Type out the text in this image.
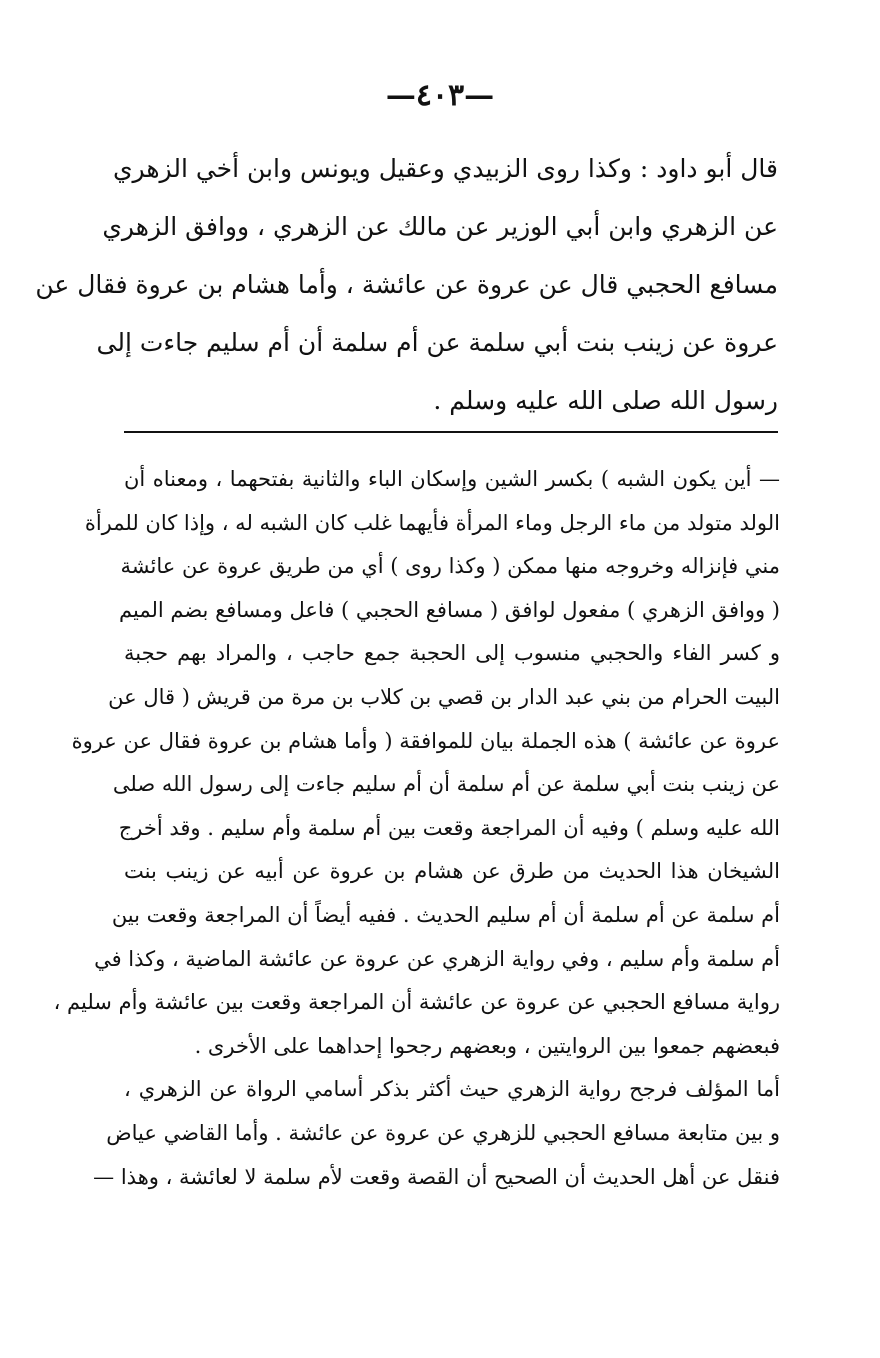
—٤٠٣—
قال أبو داود : وكذا روى الزبيدي وعقيل ويونس وابن أخي الزهري
عن الزهري وابن أبي الوزير عن مالك عن الزهري ، ووافق الزهري
مسافع الحجبي قال عن عروة عن عائشة ، وأما هشام بن عروة فقال عن
عروة عن زينب بنت أبي سلمة عن أم سلمة أن أم سليم جاءت إلى
رسول الله صلى الله عليه وسلم .
— أين يكون الشبه ) بكسر الشين وإسكان الباء والثانية بفتحهما ، ومعناه أن
الولد متولد من ماء الرجل وماء المرأة فأيهما غلب كان الشبه له ، وإذا كان للمرأة
مني فإنزاله وخروجه منها ممكن ( وكذا روى ) أي من طريق عروة عن عائشة
( ووافق الزهري ) مفعول لوافق ( مسافع الحجبي ) فاعل ومسافع بضم الميم
و كسر الفاء والحجبي منسوب إلى الحجبة جمع حاجب ، والمراد بهم حجبة
البيت الحرام من بني عبد الدار بن قصي بن كلاب بن مرة من قريش ( قال عن
عروة عن عائشة ) هذه الجملة بيان للموافقة ( وأما هشام بن عروة فقال عن عروة
عن زينب بنت أبي سلمة عن أم سلمة أن أم سليم جاءت إلى رسول الله صلى
الله عليه وسلم ) وفيه أن المراجعة وقعت بين أم سلمة وأم سليم . وقد أخرج
الشيخان هذا الحديث من طرق عن هشام بن عروة عن أبيه عن زينب بنت
أم سلمة عن أم سلمة أن أم سليم الحديث . ففيه أيضاً أن المراجعة وقعت بين
أم سلمة وأم سليم ، وفي رواية الزهري عن عروة عن عائشة الماضية ، وكذا في
رواية مسافع الحجبي عن عروة عن عائشة أن المراجعة وقعت بين عائشة وأم سليم ،
فبعضهم جمعوا بين الروايتين ، وبعضهم رجحوا إحداهما على الأخرى .
أما المؤلف فرجح رواية الزهري حيث أكثر بذكر أسامي الرواة عن الزهري ،
و بين متابعة مسافع الحجبي للزهري عن عروة عن عائشة . وأما القاضي عياض
فنقل عن أهل الحديث أن الصحيح أن القصة وقعت لأم سلمة لا لعائشة ، وهذا —
